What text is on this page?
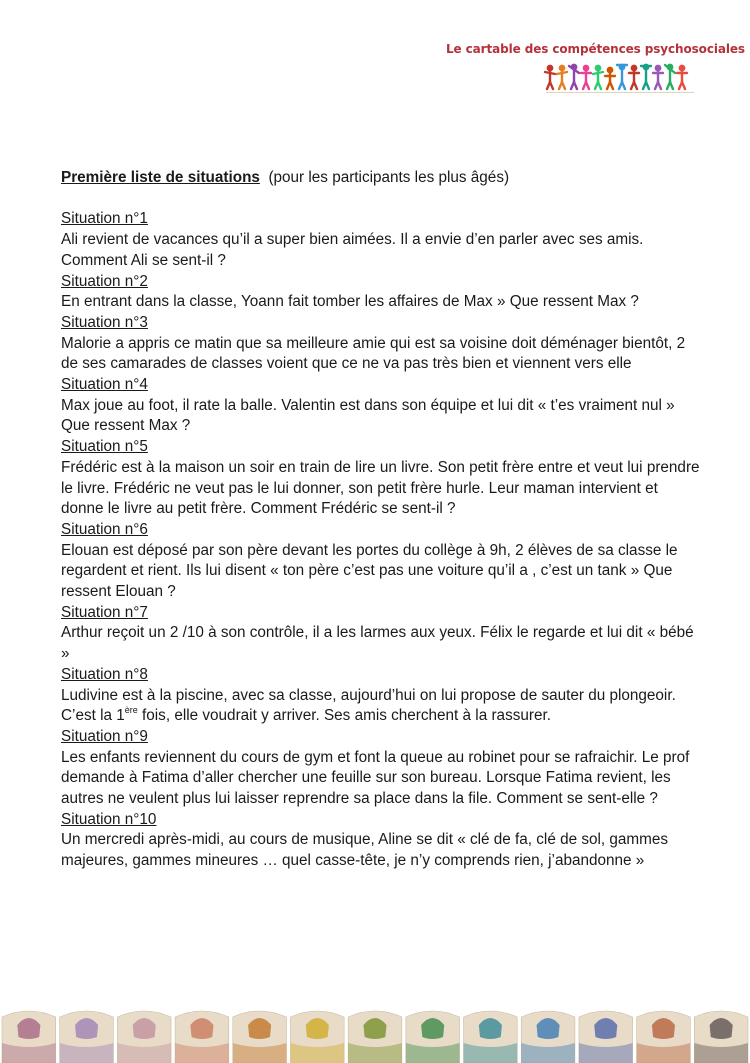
Le cartable des compétences psychosociales
Première liste de situations (pour les participants les plus âgés)
Situation n°1
Ali revient de vacances qu’il a super bien aimées. Il a envie d’en parler avec ses amis. Comment Ali se sent-il ?
Situation n°2
En entrant dans la classe, Yoann fait tomber les affaires de Max » Que ressent Max ?
Situation n°3
Malorie a appris ce matin que sa meilleure amie qui est sa voisine doit déménager bientôt, 2 de ses camarades de classes voient que ce ne va pas très bien et viennent vers elle
Situation n°4
Max joue au foot, il rate la balle. Valentin est dans son équipe et lui dit « t’es vraiment nul » Que ressent Max ?
Situation n°5
Frédéric est à la maison un soir en train de lire un livre. Son petit frère entre et veut lui prendre le livre. Frédéric ne veut pas le lui donner, son petit frère hurle. Leur maman intervient et donne le livre au petit frère. Comment Frédéric se sent-il ?
Situation n°6
Elouan est déposé par son père devant les portes du collège à 9h, 2 élèves de sa classe le regardent et rient. Ils lui disent « ton père c’est pas une voiture qu’il a , c’est un tank » Que ressent Elouan ?
Situation n°7
Arthur reçoit un 2 /10 à son contrôle, il a les larmes aux yeux. Félix le regarde et lui dit « bébé »
Situation n°8
Ludivine est à la piscine, avec sa classe, aujourd’hui on lui propose de sauter du plongeoir. C’est la 1ère fois, elle voudrait y arriver. Ses amis cherchent à la rassurer.
Situation n°9
Les enfants reviennent du cours de gym et font la queue au robinet pour se rafraichir. Le prof demande à Fatima d’aller chercher une feuille sur son bureau. Lorsque Fatima revient, les autres ne veulent plus lui laisser reprendre sa place dans la file. Comment se sent-elle ?
Situation n°10
Un mercredi après-midi, au cours de musique, Aline se dit « clé de fa, clé de sol, gammes majeures, gammes mineures … quel casse-tête, je n’y comprends rien, j’abandonne »
